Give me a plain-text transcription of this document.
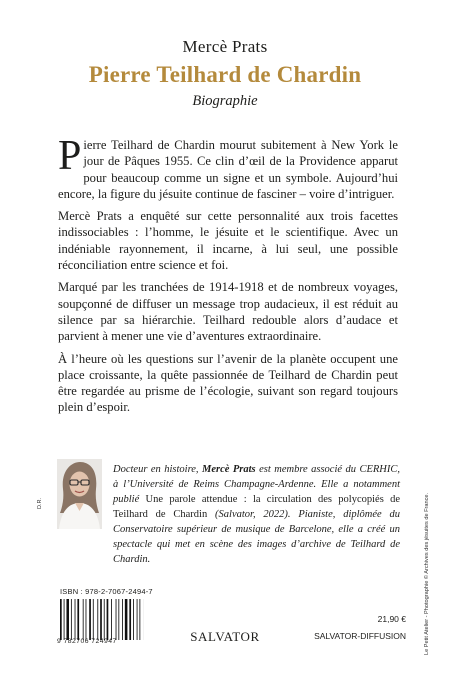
Mercè Prats
Pierre Teilhard de Chardin
Biographie

Pierre Teilhard de Chardin mourut subitement à New York le jour de Pâques 1955. Ce clin d’œil de la Providence apparut pour beaucoup comme un signe et un symbole. Aujourd’hui encore, la figure du jésuite continue de fasciner – voire d’intriguer.

Mercè Prats a enquêté sur cette personnalité aux trois facettes indissociables : l’homme, le jésuite et le scientifique. Avec un indéniable rayonnement, il incarne, à lui seul, une possible réconciliation entre science et foi.

Marqué par les tranchées de 1914-1918 et de nombreux voyages, soupçonné de diffuser un message trop audacieux, il est réduit au silence par sa hiérarchie. Teilhard redouble alors d’audace et parvient à mener une vie d’aventures extraordinaire.

À l’heure où les questions sur l’avenir de la planète occupent une place croissante, la quête passionnée de Teilhard de Chardin peut être regardée au prisme de l’écologie, suivant son regard toujours plein d’espoir.

D.R.
Docteur en histoire, Mercè Prats est membre associé du CERHIC, à l’Université de Reims Champagne-Ardenne. Elle a notamment publié Une parole attendue : la circulation des polycopiés de Teilhard de Chardin (Salvator, 2022). Pianiste, diplômée du Conservatoire supérieur de musique de Barcelone, elle a créé un spectacle qui met en scène des images d’archive de Teilhard de Chardin.
ISBN : 978-2-7067-2494-7
9 782706 724947	SALVATOR
21,90 €
SALVATOR-DIFFUSION	Le Petit Atelier - Photographie © Archives des jésuites de France.
